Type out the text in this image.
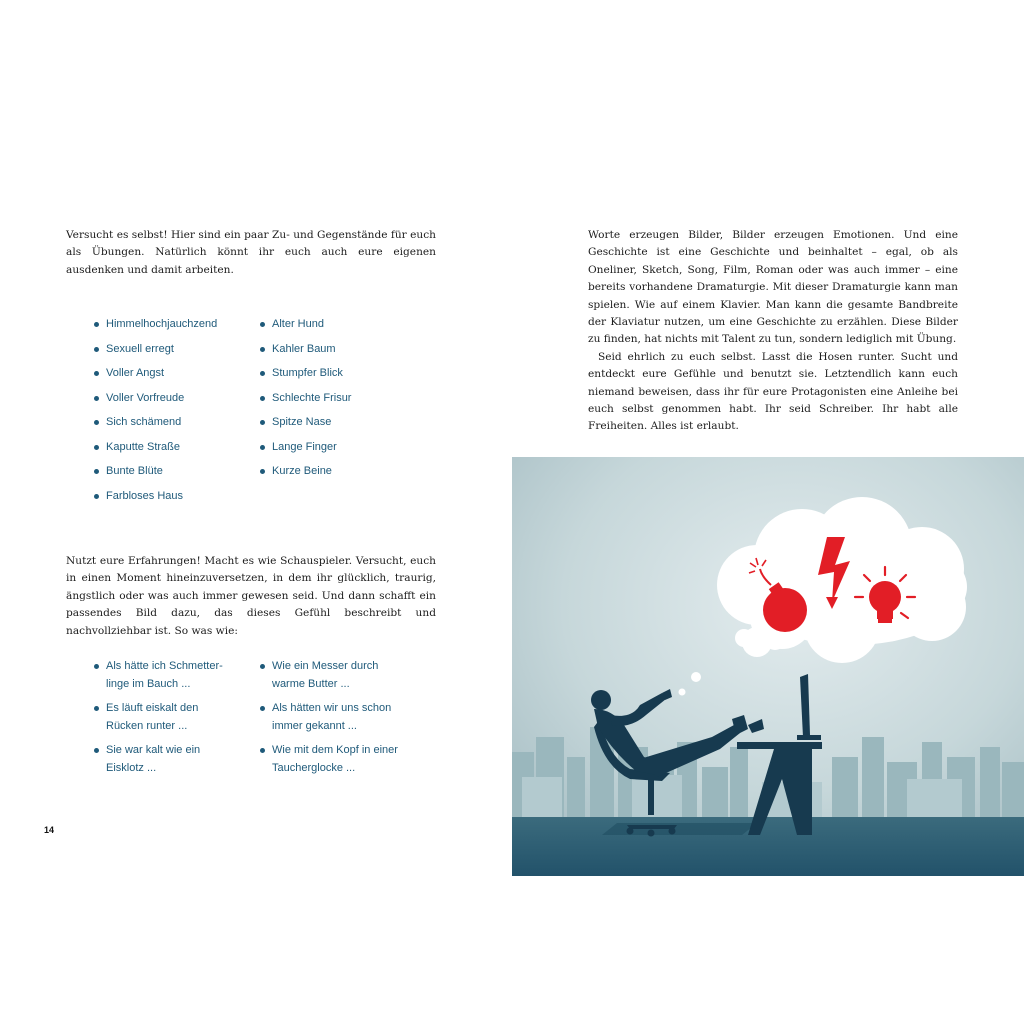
Versucht es selbst! Hier sind ein paar Zu- und Gegenstände für euch als Übungen. Natürlich könnt ihr euch auch eure eigenen ausdenken und damit arbeiten.

Himmelhochjauchzend
Sexuell erregt
Voller Angst
Voller Vorfreude
Sich schämend
Kaputte Straße
Bunte Blüte
Farbloses Haus
Alter Hund
Kahler Baum
Stumpfer Blick
Schlechte Frisur
Spitze Nase
Lange Finger
Kurze Beine

Nutzt eure Erfahrungen! Macht es wie Schauspieler. Versucht, euch in einen Moment hineinzuversetzen, in dem ihr glücklich, traurig, ängstlich oder was auch immer gewesen seid. Und dann schafft ein passendes Bild dazu, das dieses Gefühl beschreibt und nachvollziehbar ist. So was wie:

Als hätte ich Schmetter-
linge im Bauch ...
Es läuft eiskalt den
Rücken runter ...
Sie war kalt wie ein
Eisklotz ...
Wie ein Messer durch
warme Butter ...
Als hätten wir uns schon
immer gekannt ...
Wie mit dem Kopf in einer
Taucherglocke ...
14

Worte erzeugen Bilder, Bilder erzeugen Emotionen. Und eine Geschichte ist eine Geschichte und beinhaltet – egal, ob als Oneliner, Sketch, Song, Film, Roman oder was auch immer – eine bereits vorhandene Dramaturgie. Mit dieser Dramaturgie kann man spielen. Wie auf einem Klavier. Man kann die gesamte Bandbreite der Klaviatur nutzen, um eine Geschichte zu erzählen. Diese Bilder zu finden, hat nichts mit Talent zu tun, sondern lediglich mit Übung.

Seid ehrlich zu euch selbst. Lasst die Hosen runter. Sucht und entdeckt eure Gefühle und benutzt sie. Letztendlich kann euch niemand beweisen, dass ihr für eure Protagonisten eine Anleihe bei euch selbst genommen habt. Ihr seid Schreiber. Ihr habt alle Freiheiten. Alles ist erlaubt.
